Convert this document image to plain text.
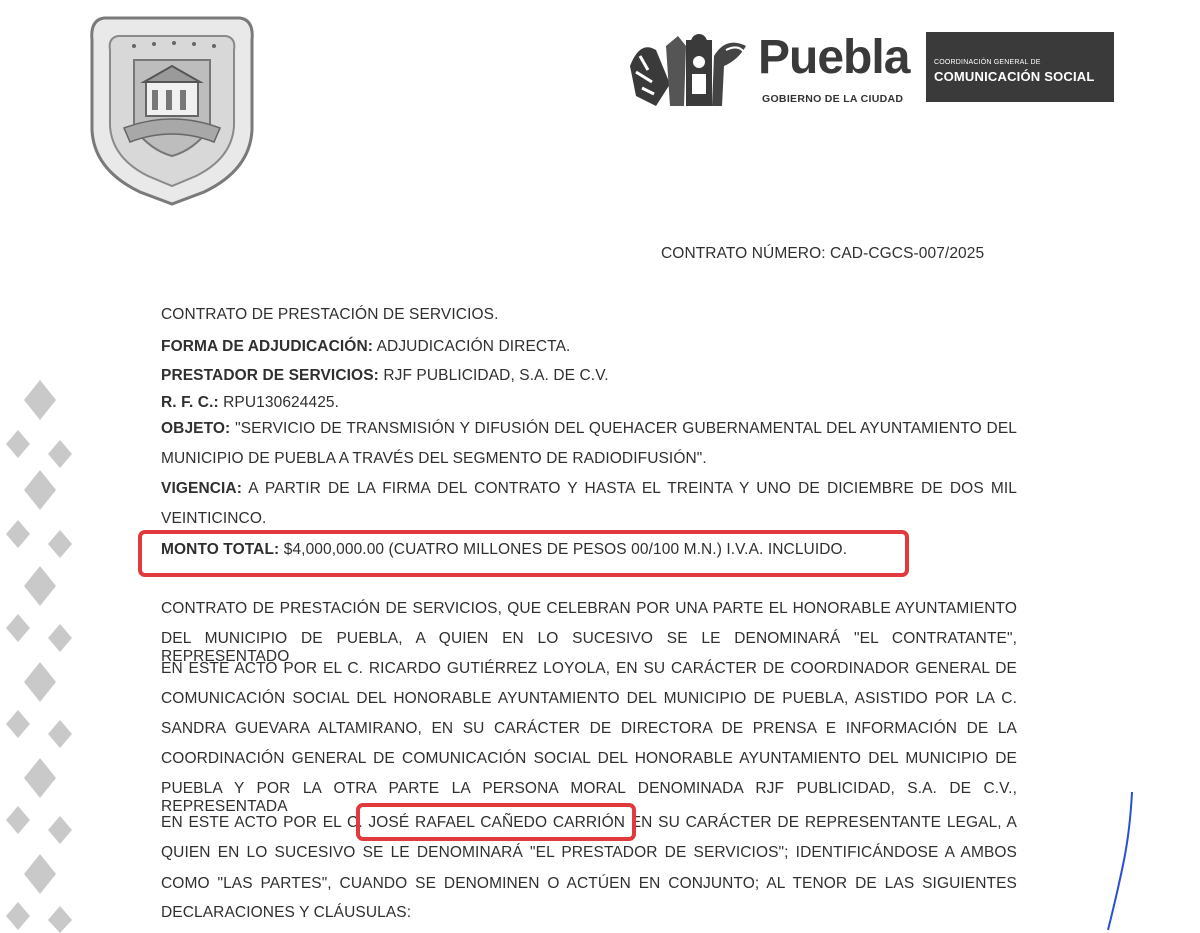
Puebla
GOBIERNO DE LA CIUDAD
COORDINACIÓN GENERAL DE
COMUNICACIÓN SOCIAL
CONTRATO NÚMERO: CAD-CGCS-007/2025
CONTRATO DE PRESTACIÓN DE SERVICIOS.
FORMA DE ADJUDICACIÓN: ADJUDICACIÓN DIRECTA.
PRESTADOR DE SERVICIOS: RJF PUBLICIDAD, S.A. DE C.V.
R. F. C.: RPU130624425.
OBJETO: "SERVICIO DE TRANSMISIÓN Y DIFUSIÓN DEL QUEHACER GUBERNAMENTAL DEL AYUNTAMIENTO DEL
MUNICIPIO DE PUEBLA A TRAVÉS DEL SEGMENTO DE RADIODIFUSIÓN".
VIGENCIA: A PARTIR DE LA FIRMA DEL CONTRATO Y HASTA EL TREINTA Y UNO DE DICIEMBRE DE DOS MIL
VEINTICINCO.
MONTO TOTAL: $4,000,000.00 (CUATRO MILLONES DE PESOS 00/100 M.N.) I.V.A. INCLUIDO.
CONTRATO DE PRESTACIÓN DE SERVICIOS, QUE CELEBRAN POR UNA PARTE EL HONORABLE AYUNTAMIENTO
DEL MUNICIPIO DE PUEBLA, A QUIEN EN LO SUCESIVO SE LE DENOMINARÁ "EL CONTRATANTE", REPRESENTADO
EN ESTE ACTO POR EL C. RICARDO GUTIÉRREZ LOYOLA, EN SU CARÁCTER DE COORDINADOR GENERAL DE
COMUNICACIÓN SOCIAL DEL HONORABLE AYUNTAMIENTO DEL MUNICIPIO DE PUEBLA, ASISTIDO POR LA C.
SANDRA GUEVARA ALTAMIRANO, EN SU CARÁCTER DE DIRECTORA DE PRENSA E INFORMACIÓN DE LA
COORDINACIÓN GENERAL DE COMUNICACIÓN SOCIAL DEL HONORABLE AYUNTAMIENTO DEL MUNICIPIO DE
PUEBLA Y POR LA OTRA PARTE LA PERSONA MORAL DENOMINADA RJF PUBLICIDAD, S.A. DE C.V., REPRESENTADA
EN ESTE ACTO POR EL C. JOSÉ RAFAEL CAÑEDO CARRIÓN EN SU CARÁCTER DE REPRESENTANTE LEGAL, A
QUIEN EN LO SUCESIVO SE LE DENOMINARÁ "EL PRESTADOR DE SERVICIOS"; IDENTIFICÁNDOSE A AMBOS
COMO "LAS PARTES", CUANDO SE DENOMINEN O ACTÚEN EN CONJUNTO; AL TENOR DE LAS SIGUIENTES
DECLARACIONES Y CLÁUSULAS:
